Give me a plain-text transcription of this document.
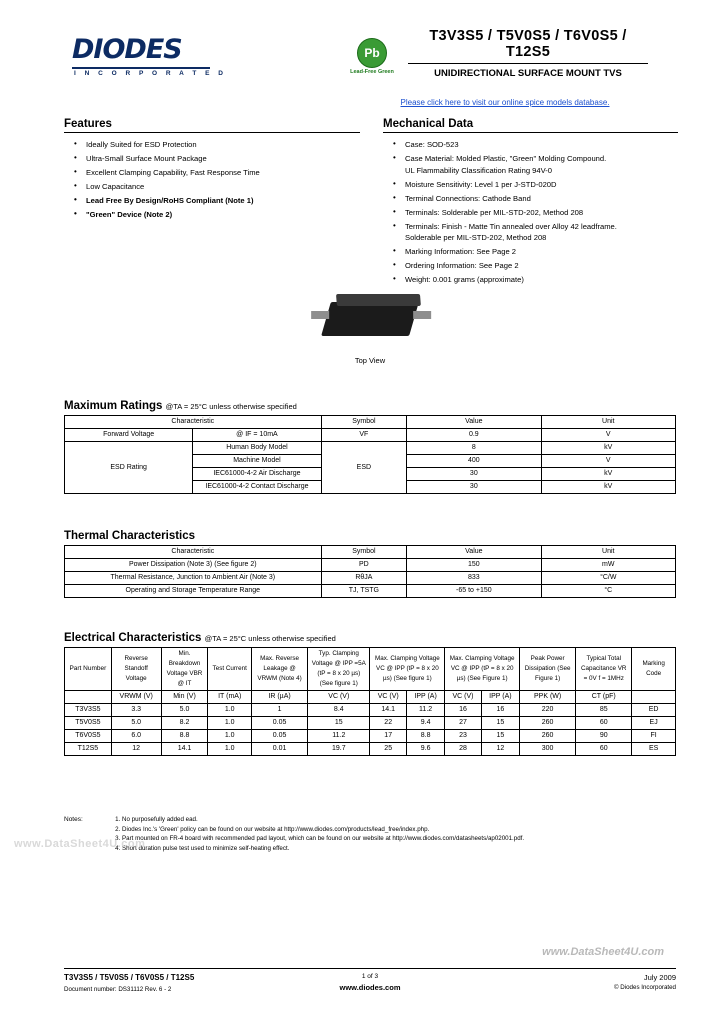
DIODES
I N C O R P O R A T E D
Pb
Lead-Free Green
T3V3S5 / T5V0S5 / T6V0S5 / T12S5
UNIDIRECTIONAL SURFACE MOUNT TVS
Please click here to visit our online spice models database.
Features
• Ideally Suited for ESD Protection
• Ultra-Small Surface Mount Package
• Excellent Clamping Capability, Fast Response Time
• Low Capacitance
• Lead Free By Design/RoHS Compliant (Note 1)
• "Green" Device (Note 2)
Mechanical Data
• Case: SOD-523
• Case Material: Molded Plastic, "Green" Molding Compound.
UL Flammability Classification Rating 94V-0
• Moisture Sensitivity: Level 1 per J-STD-020D
• Terminal Connections: Cathode Band
• Terminals: Solderable per MIL-STD-202, Method 208
• Terminals: Finish - Matte Tin annealed over Alloy 42 leadframe.
Solderable per MIL-STD-202, Method 208
• Marking Information: See Page 2
• Ordering Information: See Page 2
• Weight: 0.001 grams (approximate)
Top View
Maximum Ratings @TA = 25°C unless otherwise specified
Characteristic		Symbol	Value	Unit
Forward Voltage	@ IF = 10mA	VF	0.9	V
ESD Rating	Human Body Model	ESD	8	kV
	Machine Model		400	V
	IEC61000-4-2 Air Discharge		30	kV
	IEC61000-4-2 Contact Discharge		30	kV
Thermal Characteristics
Characteristic	Symbol	Value	Unit
Power Dissipation (Note 3) (See figure 2)	PD	150	mW
Thermal Resistance, Junction to Ambient Air (Note 3)	RθJA	833	°C/W
Operating and Storage Temperature Range	TJ, TSTG	-65 to +150	°C
Electrical Characteristics @TA = 25°C unless otherwise specified
Part Number	Reverse Standoff Voltage	Min. Breakdown Voltage VBR @ IT	Test Current	Max. Reverse Leakage @ VRWM (Note 4)	Typ. Clamping Voltage @ IPP =5A (tP = 8 x 20 µs) (See figure 1)	Max. Clamping Voltage VC @ IPP (tP = 8 x 20 µs) (See figure 1)		Max. Clamping Voltage VC @ IPP (tP = 8 x 20 µs) (See Figure 1)		Peak Power Dissipation (See Figure 1)	Typical Total Capacitance VR = 0V f = 1MHz	Marking Code
	VRWM (V)	Min (V)	IT (mA)	IR (µA)	VC (V)	VC (V)	IPP (A)	VC (V)	IPP (A)	PPK (W)	CT (pF)	
T3V3S5	3.3	5.0	1.0	1	8.4	14.1	11.2	16	16	220	85	ED
T5V0S5	5.0	8.2	1.0	0.05	15	22	9.4	27	15	260	60	EJ
T6V0S5	6.0	8.8	1.0	0.05	11.2	17	8.8	23	15	260	90	FI
T12S5	12	14.1	1.0	0.01	19.7	25	9.6	28	12	300	60	ES
Notes:	1. No purposefully added ead.
2. Diodes Inc.'s 'Green' policy can be found on our website at http://www.diodes.com/products/lead_free/index.php.
3. Part mounted on FR-4 board with recommended pad layout, which can be found on our website at http://www.diodes.com/datasheets/ap02001.pdf.
4. Short duration pulse test used to minimize self-heating effect.
www.DataSheet4U.com
www.DataSheet4U.com
T3V3S5 / T5V0S5 / T6V0S5 / T12S5
Document number: DS31112 Rev. 6 - 2
1 of 3
www.diodes.com
July 2009
© Diodes Incorporated
